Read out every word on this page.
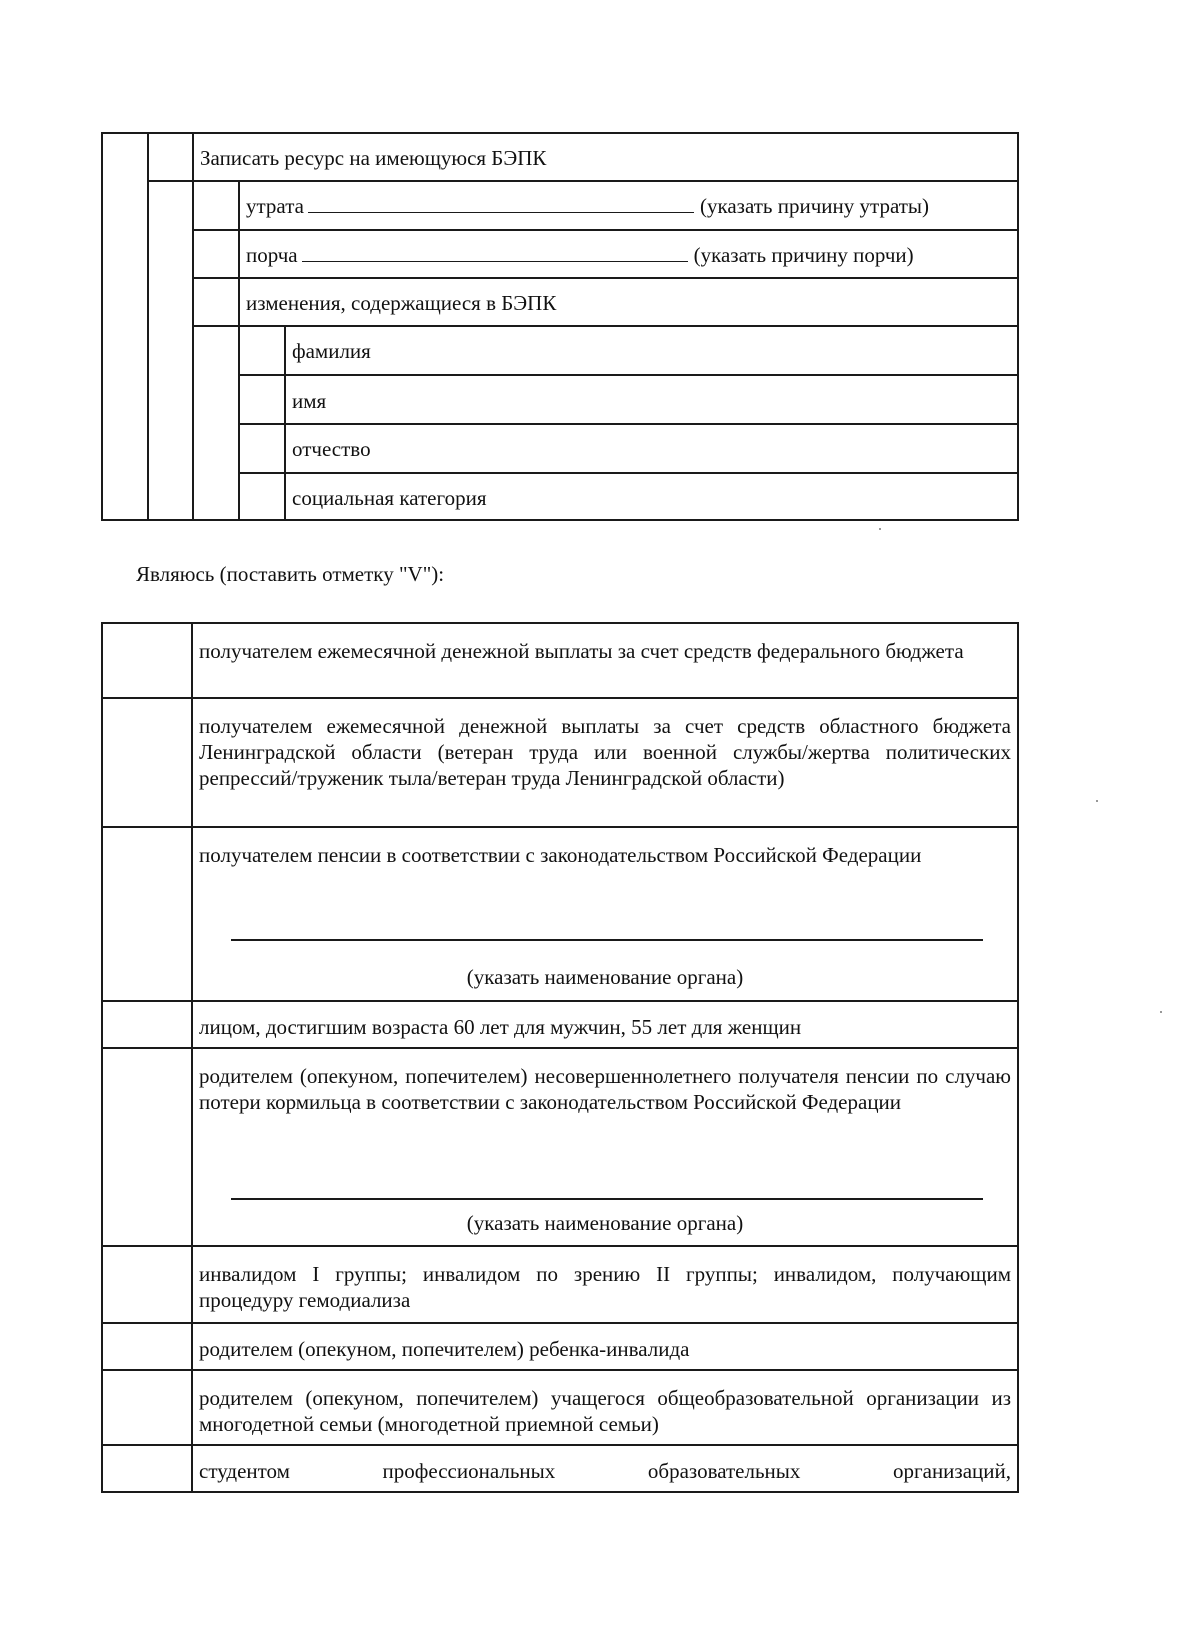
Записать ресурс на имеющуюся БЭПК
утрата	(указать причину утраты)
порча	(указать причину порчи)
изменения, содержащиеся в БЭПК
фамилия
имя
отчество
социальная категория
Являюсь (поставить отметку "V"):
получателем ежемесячной денежной выплаты за счет средств федерального бюджета
получателем ежемесячной денежной выплаты за счет средств областного бюджета Ленинградской области (ветеран труда или военной службы/жертва политических репрессий/труженик тыла/ветеран труда Ленинградской области)
получателем пенсии в соответствии с законодательством Российской Федерации
(указать наименование органа)
лицом, достигшим возраста 60 лет для мужчин, 55 лет для женщин
родителем (опекуном, попечителем) несовершеннолетнего получателя пенсии по случаю потери кормильца в соответствии с законодательством Российской Федерации
(указать наименование органа)
инвалидом I группы; инвалидом по зрению II группы; инвалидом, получающим процедуру гемодиализа
родителем (опекуном, попечителем) ребенка-инвалида
родителем (опекуном, попечителем) учащегося общеобразовательной организации из многодетной семьи (многодетной приемной семьи)
студентом профессиональных образовательных организаций,
